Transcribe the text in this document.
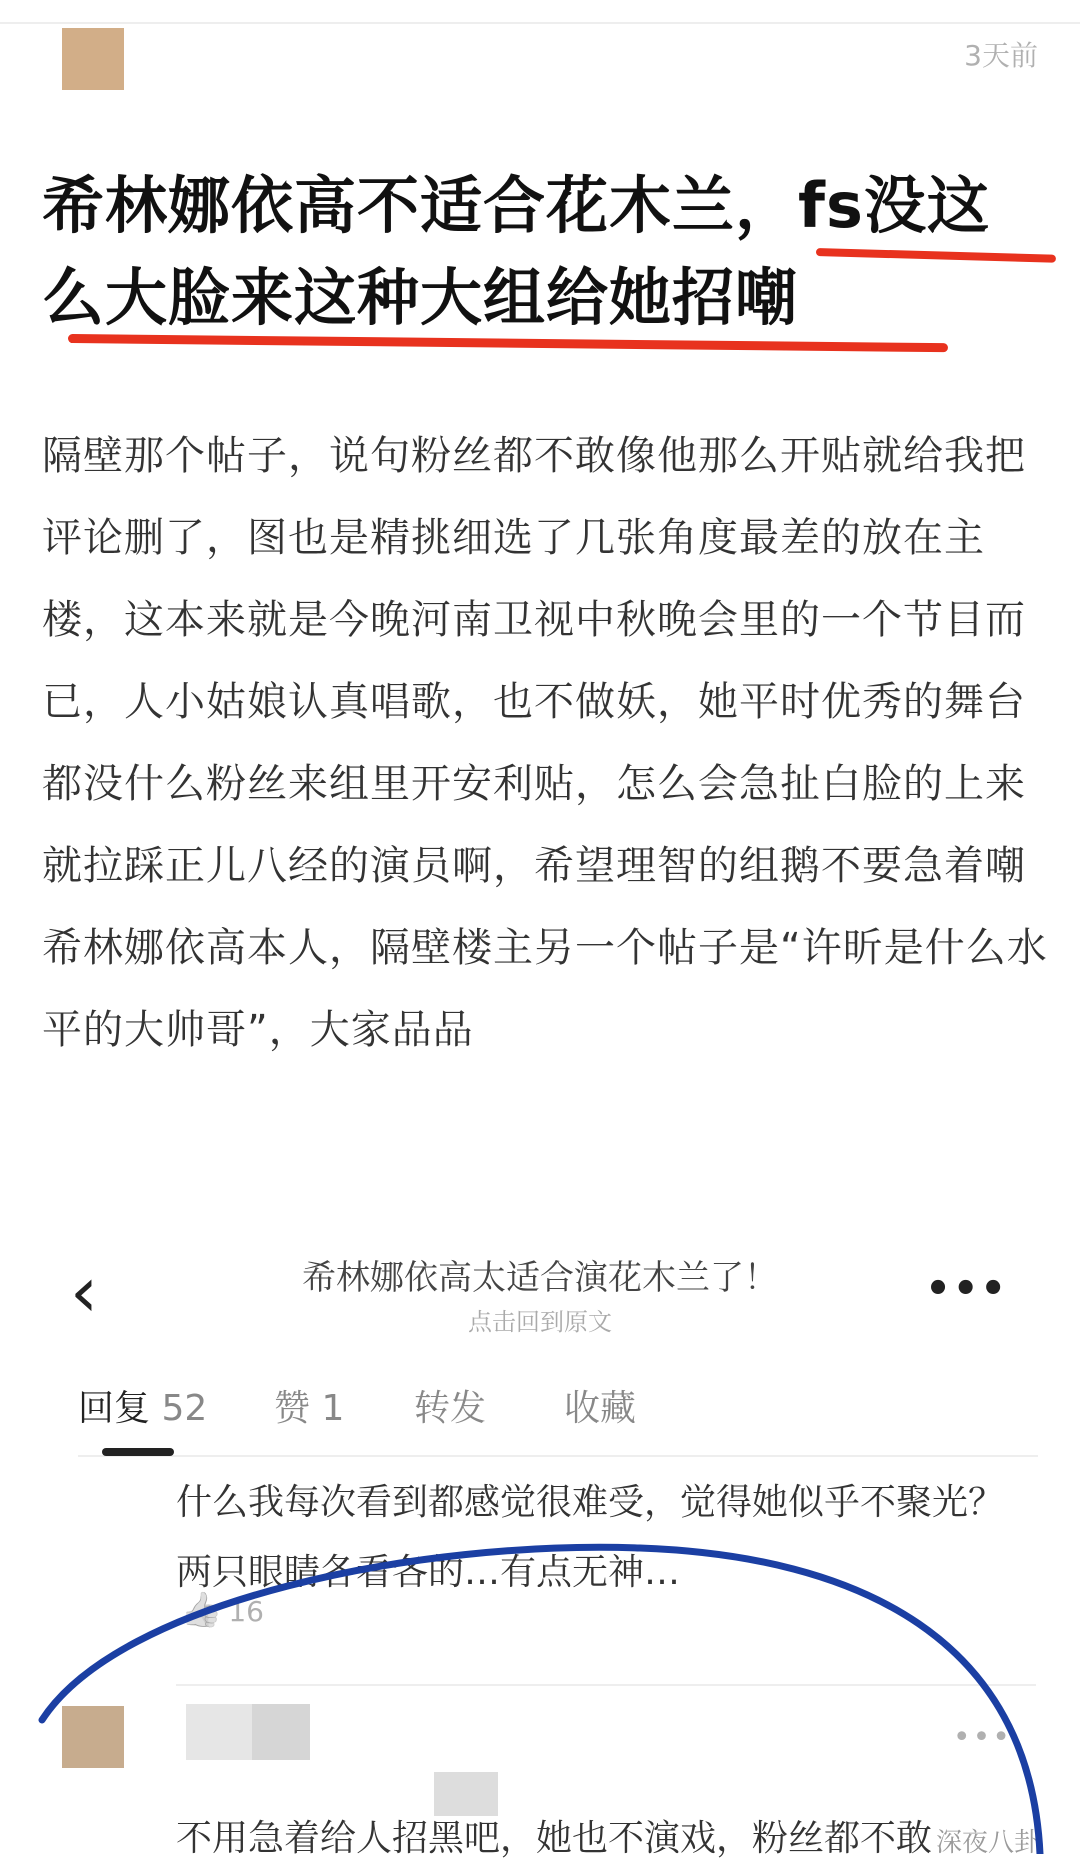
3天前
希林娜依高不适合花木兰，fs没这么大脸来这种大组给她招嘲

隔壁那个帖子，说句粉丝都不敢像他那么开贴就给我把评论删了，图也是精挑细选了几张角度最差的放在主楼，这本来就是今晚河南卫视中秋晚会里的一个节目而已，人小姑娘认真唱歌，也不做妖，她平时优秀的舞台都没什么粉丝来组里开安利贴，怎么会急扯白脸的上来就拉踩正儿八经的演员啊，希望理智的组鹅不要急着嘲希林娜依高本人，隔壁楼主另一个帖子是“许昕是什么水平的大帅哥”，大家品品

‹	希林娜依高太适合演花木兰了！
点击回到原文
•••
回复 52 赞 1 转发 收藏

什么我每次看到都感觉很难受，觉得她似乎不聚光？两只眼睛各看各的…有点无神…

👍 16
•••
不用急着给人招黑吧，她也不演戏，粉丝都不敢 深夜八卦
